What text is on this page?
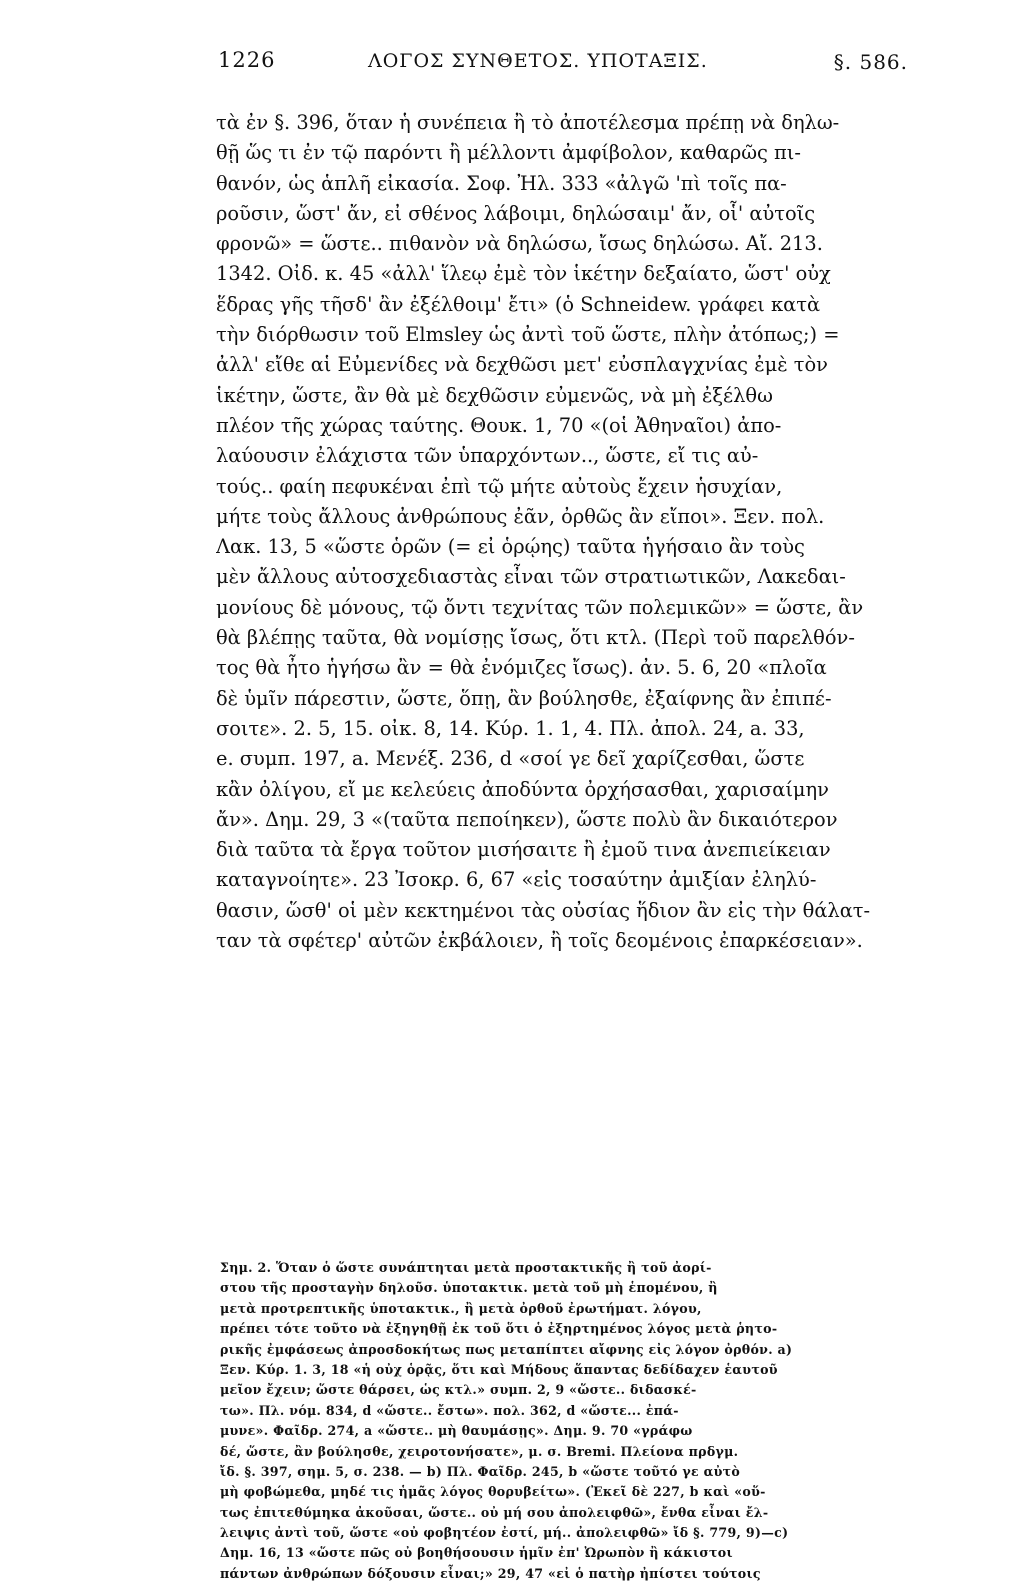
1226	ΛΟΓΟΣ ΣΥΝΘΕΤΟΣ. ΥΠΟΤΑΞΙΣ.	§. 586.
τὰ ἐν §. 396, ὅταν ἡ συνέπεια ἢ τὸ ἀποτέλεσμα πρέπῃ νὰ δηλω-
θῇ ὥς τι ἐν τῷ παρόντι ἢ μέλλοντι ἀμφίβολον, καθαρῶς πι-
θανόν, ὡς ἁπλῆ εἰκασία. Σοφ. Ἠλ. 333 «ἀλγῶ 'πὶ τοῖς πα-
ροῦσιν, ὥστ' ἄν, εἰ σθένος λάβοιμι, δηλώσαιμ' ἄν, οἷ' αὐτοῖς
φρονῶ» = ὥστε.. πιθανὸν νὰ δηλώσω, ἴσως δηλώσω. Αἴ. 213.
1342. Οἰδ. κ. 45 «ἀλλ' ἵλεῳ ἐμὲ τὸν ἱκέτην δεξαίατο, ὥστ' οὐχ
ἕδρας γῆς τῆσδ' ἂν ἐξέλθοιμ' ἔτι» (ὁ Schneidew. γράφει κατὰ
τὴν διόρθωσιν τοῦ Elmsley ὡς ἀντὶ τοῦ ὥστε, πλὴν ἀτόπως;) =
ἀλλ' εἴθε αἱ Εὐμενίδες νὰ δεχθῶσι μετ' εὐσπλαγχνίας ἐμὲ τὸν
ἱκέτην, ὥστε, ἂν θὰ μὲ δεχθῶσιν εὐμενῶς, νὰ μὴ ἐξέλθω
πλέον τῆς χώρας ταύτης. Θουκ. 1, 70 «(οἱ Ἀθηναῖοι) ἀπο-
λαύουσιν ἐλάχιστα τῶν ὑπαρχόντων.., ὥστε, εἴ τις αὐ-
τούς.. φαίη πεφυκέναι ἐπὶ τῷ μήτε αὐτοὺς ἔχειν ἡσυχίαν,
μήτε τοὺς ἄλλους ἀνθρώπους ἐᾶν, ὀρθῶς ἂν εἴποι». Ξεν. πολ.
Λακ. 13, 5 «ὥστε ὁρῶν (= εἰ ὁρῴης) ταῦτα ἡγήσαιο ἂν τοὺς
μὲν ἄλλους αὐτοσχεδιαστὰς εἶναι τῶν στρατιωτικῶν, Λακεδαι-
μονίους δὲ μόνους, τῷ ὄντι τεχνίτας τῶν πολεμικῶν» = ὥστε, ἂν
θὰ βλέπῃς ταῦτα, θὰ νομίσῃς ἴσως, ὅτι κτλ. (Περὶ τοῦ παρελθόν-
τος θὰ ἦτο ἡγήσω ἂν = θὰ ἐνόμιζες ἴσως). ἀν. 5. 6, 20 «πλοῖα
δὲ ὑμῖν πάρεστιν, ὥστε, ὅπῃ, ἂν βούλησθε, ἐξαίφνης ἂν ἐπιπέ-
σοιτε». 2. 5, 15. οἰκ. 8, 14. Κύρ. 1. 1, 4. Πλ. ἀπολ. 24, a. 33,
e. συμπ. 197, a. Μενέξ. 236, d «σοί γε δεῖ χαρίζεσθαι, ὥστε
κἂν ὀλίγου, εἴ με κελεύεις ἀποδύντα ὀρχήσασθαι, χαρισαίμην
ἄν». Δημ. 29, 3 «(ταῦτα πεποίηκεν), ὥστε πολὺ ἂν δικαιότερον
διὰ ταῦτα τὰ ἔργα τοῦτον μισήσαιτε ἢ ἐμοῦ τινα ἀνεπιείκειαν
καταγνοίητε». 23 Ἰσοκρ. 6, 67 «εἰς τοσαύτην ἀμιξίαν ἐληλύ-
θασιν, ὥσθ' οἱ μὲν κεκτημένοι τὰς οὐσίας ἥδιον ἂν εἰς τὴν θάλατ-
ταν τὰ σφέτερ' αὐτῶν ἐκβάλοιεν, ἢ τοῖς δεομένοις ἐπαρκέσειαν».
Σημ. 2. Ὅταν ὁ ὥστε συνάπτηται μετὰ προστακτικῆς ἢ τοῦ ἀορί-
στου τῆς προσταγὴν δηλοῦσ. ὑποτακτικ. μετὰ τοῦ μὴ ἑπομένου, ἢ
μετὰ προτρεπτικῆς ὑποτακτικ., ἢ μετὰ ὀρθοῦ ἐρωτήματ. λόγου,
πρέπει τότε τοῦτο νὰ ἐξηγηθῇ ἐκ τοῦ ὅτι ὁ ἐξηρτημένος λόγος μετὰ ῥητο-
ρικῆς ἐμφάσεως ἀπροσδοκήτως πως μεταπίπτει αἴφνης εἰς λόγον ὀρθόν. a)
Ξεν. Κύρ. 1. 3, 18 «ἡ οὐχ ὁρᾷς, ὅτι καὶ Μήδους ἅπαντας δεδίδαχεν ἑαυτοῦ
μεῖον ἔχειν; ὥστε θάρσει, ὡς κτλ.» συμπ. 2, 9 «ὥστε.. διδασκέ-
τω». Πλ. νόμ. 834, d «ὥστε.. ἔστω». πολ. 362, d «ὥστε... ἐπά-
μυνε». Φαῖδρ. 274, a «ὥστε.. μὴ θαυμάσῃς». Δημ. 9. 70 «γράφω
δέ, ὥστε, ἂν βούλησθε, χειροτονήσατε», μ. σ. Bremi. Πλείονα πρδγμ.
ἴδ. §. 397, σημ. 5, σ. 238. — b) Πλ. Φαῖδρ. 245, b «ὥστε τοῦτό γε αὐτὸ
μὴ φοβώμεθα, μηδέ τις ἡμᾶς λόγος θορυβείτω». (Ἐκεῖ δὲ 227, b καὶ «οὕ-
τως ἐπιτεθύμηκα ἀκοῦσαι, ὥστε.. οὐ μή σου ἀπολειφθῶ», ἔνθα εἶναι ἔλ-
λειψις ἀντὶ τοῦ, ὥστε «οὐ φοβητέον ἐστί, μή.. ἀπολειφθῶ» ἴδ §. 779, 9)—c)
Δημ. 16, 13 «ὥστε πῶς οὐ βοηθήσουσιν ἡμῖν ἐπ' Ὠρωπὸν ἢ κάκιστοι
πάντων ἀνθρώπων δόξουσιν εἶναι;» 29, 47 «εἰ ὁ πατὴρ ἠπίστει τούτοις
